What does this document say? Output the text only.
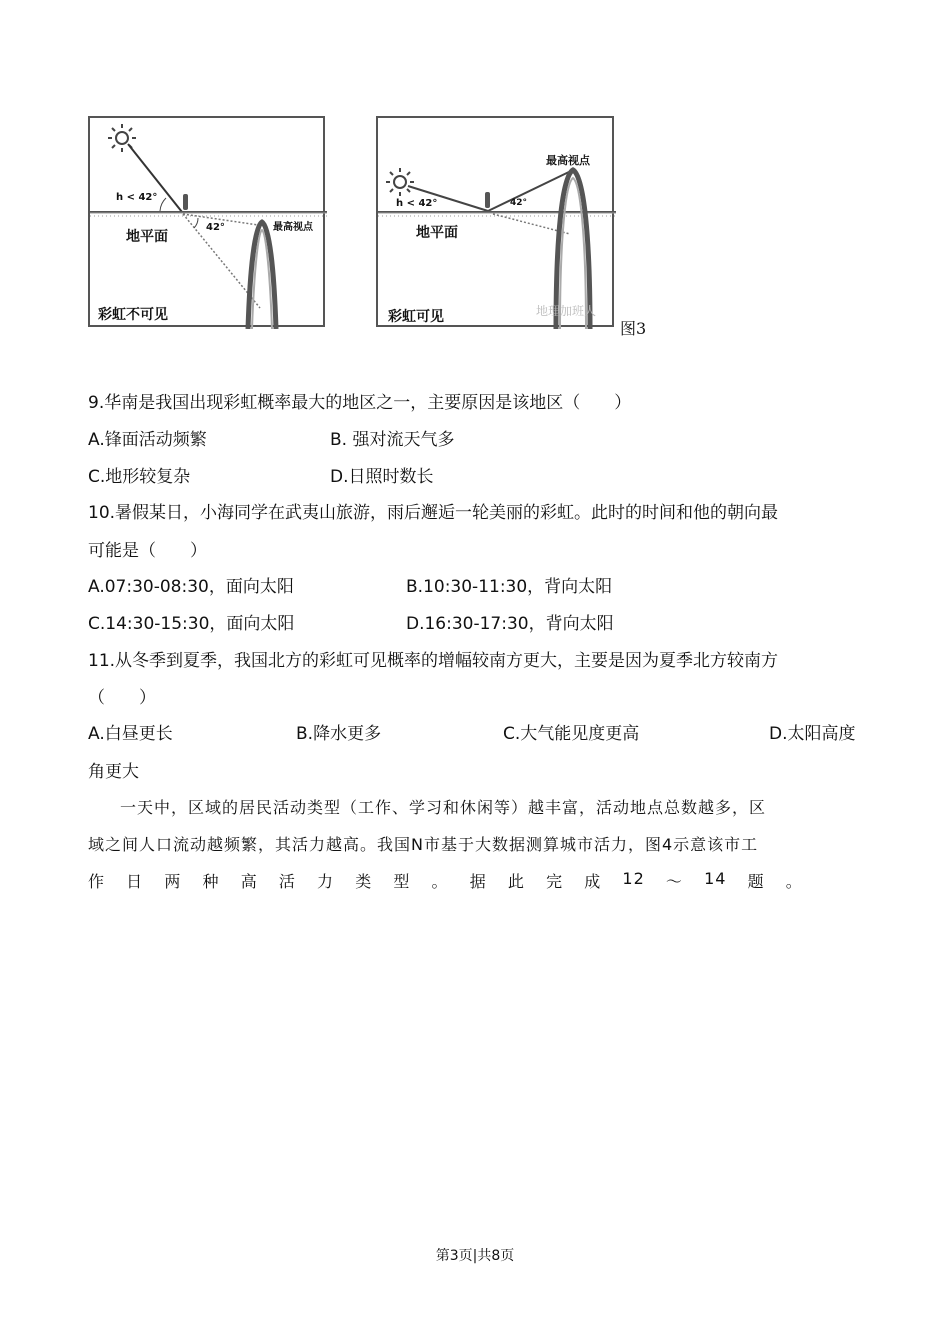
h < 42°
42°	最高视点
地平面
彩虹不可见
h < 42°	42°
最高视点
地平面
彩虹可见	地理加班人
图3
9.华南是我国出现彩虹概率最大的地区之一，主要原因是该地区（　　）
A.锋面活动频繁	B. 强对流天气多
C.地形较复杂	D.日照时数长
10.暑假某日，小海同学在武夷山旅游，雨后邂逅一轮美丽的彩虹。此时的时间和他的朝向最
可能是（　　）
A.07:30-08:30，面向太阳	B.10:30-11:30，背向太阳
C.14:30-15:30，面向太阳	D.16:30-17:30，背向太阳
11.从冬季到夏季，我国北方的彩虹可见概率的增幅较南方更大，主要是因为夏季北方较南方
（　　）
A.白昼更长	B.降水更多	C.大气能见度更高	D.太阳高度
角更大
一天中，区域的居民活动类型（工作、学习和休闲等）越丰富，活动地点总数越多，区
域之间人口流动越频繁，其活力越高。我国N市基于大数据测算城市活力，图4示意该市工
作 日 两 种 高 活 力 类 型 。 据 此 完 成 12 ～ 14 题 。
第3页|共8页
